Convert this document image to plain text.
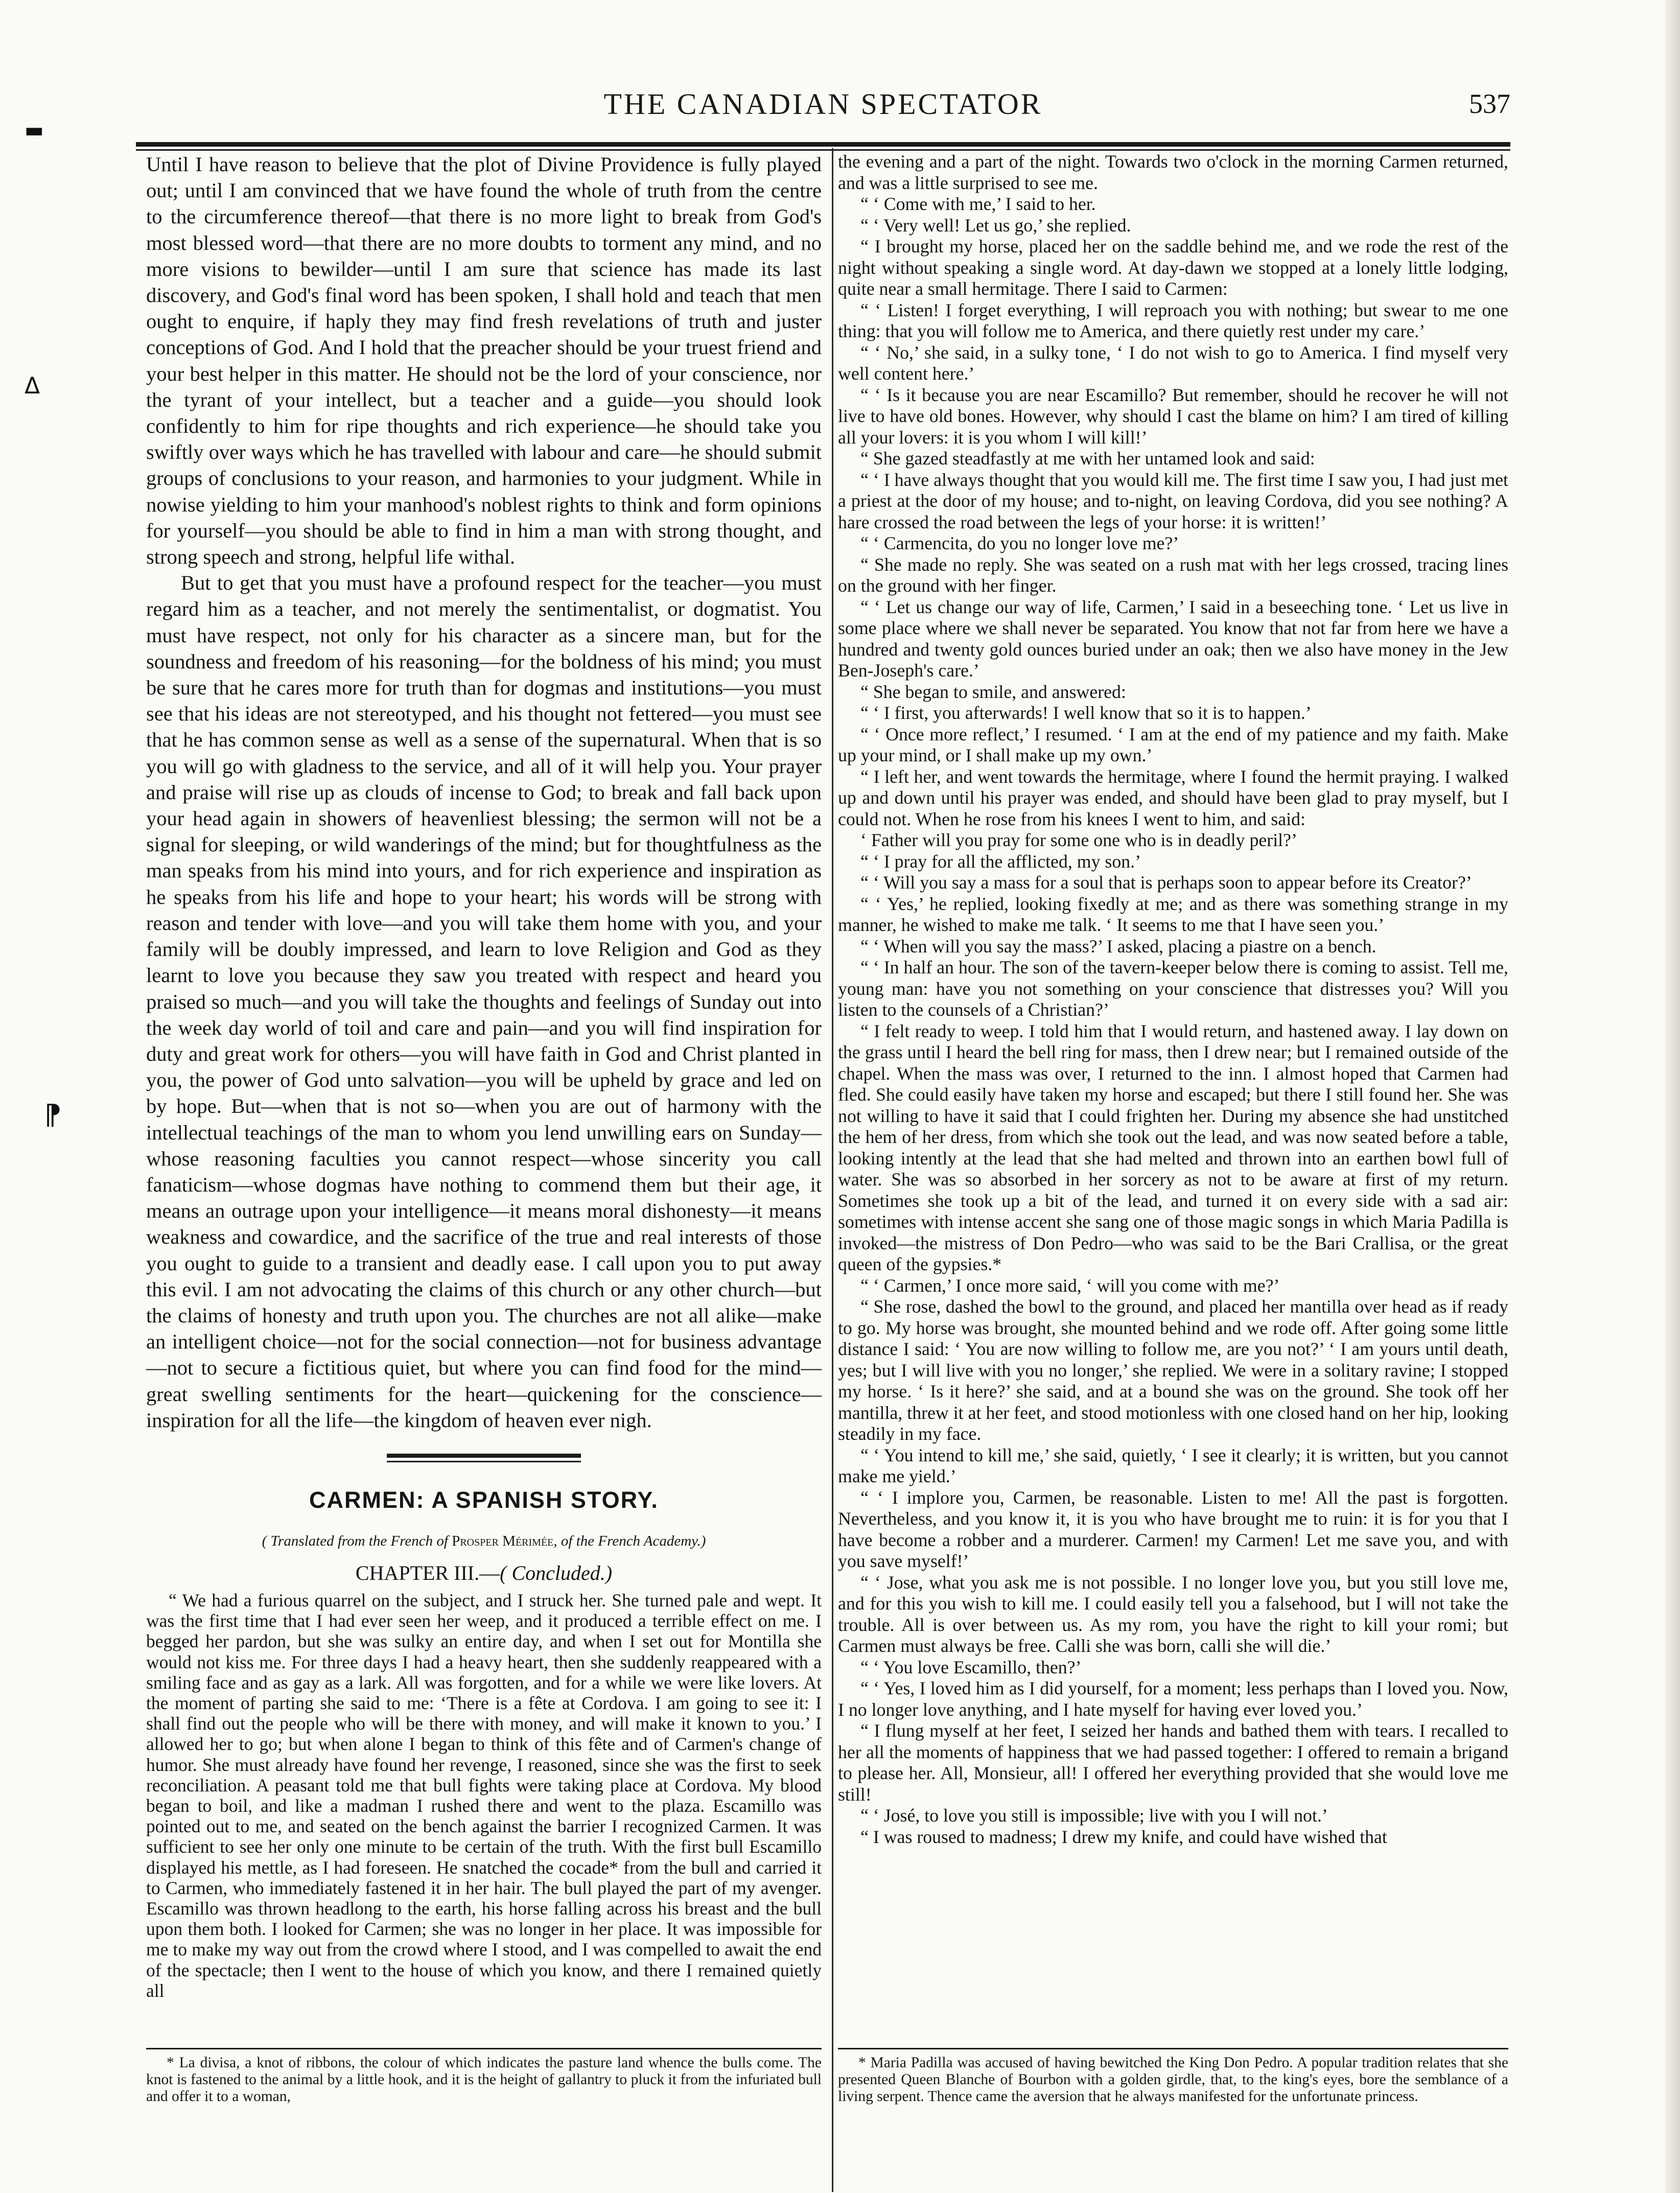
▬
ᐃ
⁋
THE CANADIAN SPECTATOR	537

Until I have reason to believe that the plot of Divine Providence is fully played out; until I am convinced that we have found the whole of truth from the centre to the circumference thereof—that there is no more light to break from God's most blessed word—that there are no more doubts to torment any mind, and no more visions to bewilder—until I am sure that science has made its last discovery, and God's final word has been spoken, I shall hold and teach that men ought to enquire, if haply they may find fresh revelations of truth and juster conceptions of God. And I hold that the preacher should be your truest friend and your best helper in this matter. He should not be the lord of your conscience, nor the tyrant of your intellect, but a teacher and a guide—you should look confidently to him for ripe thoughts and rich experience—he should take you swiftly over ways which he has travelled with labour and care—he should submit groups of conclusions to your reason, and harmonies to your judgment. While in nowise yielding to him your manhood's noblest rights to think and form opinions for yourself—you should be able to find in him a man with strong thought, and strong speech and strong, helpful life withal.

But to get that you must have a profound respect for the teacher—you must regard him as a teacher, and not merely the sentimentalist, or dogmatist. You must have respect, not only for his character as a sincere man, but for the soundness and freedom of his reasoning—for the boldness of his mind; you must be sure that he cares more for truth than for dogmas and institutions—you must see that his ideas are not stereotyped, and his thought not fettered—you must see that he has common sense as well as a sense of the supernatural. When that is so you will go with gladness to the service, and all of it will help you. Your prayer and praise will rise up as clouds of incense to God; to break and fall back upon your head again in showers of heavenliest blessing; the sermon will not be a signal for sleeping, or wild wanderings of the mind; but for thoughtfulness as the man speaks from his mind into yours, and for rich experience and inspiration as he speaks from his life and hope to your heart; his words will be strong with reason and tender with love—and you will take them home with you, and your family will be doubly impressed, and learn to love Religion and God as they learnt to love you because they saw you treated with respect and heard you praised so much—and you will take the thoughts and feelings of Sunday out into the week day world of toil and care and pain—and you will find inspiration for duty and great work for others—you will have faith in God and Christ planted in you, the power of God unto salvation—you will be upheld by grace and led on by hope. But—when that is not so—when you are out of harmony with the intellectual teachings of the man to whom you lend unwilling ears on Sunday—whose reasoning faculties you cannot respect—whose sincerity you call fanaticism—whose dogmas have nothing to commend them but their age, it means an outrage upon your intelligence—it means moral dishonesty—it means weakness and cowardice, and the sacrifice of the true and real interests of those you ought to guide to a transient and deadly ease. I call upon you to put away this evil. I am not advocating the claims of this church or any other church—but the claims of honesty and truth upon you. The churches are not all alike—make an intelligent choice—not for the social connection—not for business advantage—not to secure a fictitious quiet, but where you can find food for the mind—great swelling sentiments for the heart—quickening for the conscience—inspiration for all the life—the kingdom of heaven ever nigh.

CARMEN: A SPANISH STORY.
( Translated from the French of Prosper Mérimée, of the French Academy.)
CHAPTER III.—( Concluded.)

“ We had a furious quarrel on the subject, and I struck her. She turned pale and wept. It was the first time that I had ever seen her weep, and it produced a terrible effect on me. I begged her pardon, but she was sulky an entire day, and when I set out for Montilla she would not kiss me. For three days I had a heavy heart, then she suddenly reappeared with a smiling face and as gay as a lark. All was forgotten, and for a while we were like lovers. At the moment of parting she said to me: ‘There is a fête at Cordova. I am going to see it: I shall find out the people who will be there with money, and will make it known to you.’ I allowed her to go; but when alone I began to think of this fête and of Carmen's change of humor. She must already have found her revenge, I reasoned, since she was the first to seek reconciliation. A peasant told me that bull fights were taking place at Cordova. My blood began to boil, and like a madman I rushed there and went to the plaza. Escamillo was pointed out to me, and seated on the bench against the barrier I recognized Carmen. It was sufficient to see her only one minute to be certain of the truth. With the first bull Escamillo displayed his mettle, as I had foreseen. He snatched the cocade* from the bull and carried it to Carmen, who immediately fastened it in her hair. The bull played the part of my avenger. Escamillo was thrown headlong to the earth, his horse falling across his breast and the bull upon them both. I looked for Carmen; she was no longer in her place. It was impossible for me to make my way out from the crowd where I stood, and I was compelled to await the end of the spectacle; then I went to the house of which you know, and there I remained quietly all

the evening and a part of the night. Towards two o'clock in the morning Carmen returned, and was a little surprised to see me.

“ ‘ Come with me,’ I said to her.

“ ‘ Very well! Let us go,’ she replied.

“ I brought my horse, placed her on the saddle behind me, and we rode the rest of the night without speaking a single word. At day-dawn we stopped at a lonely little lodging, quite near a small hermitage. There I said to Carmen:

“ ‘ Listen! I forget everything, I will reproach you with nothing; but swear to me one thing: that you will follow me to America, and there quietly rest under my care.’

“ ‘ No,’ she said, in a sulky tone, ‘ I do not wish to go to America. I find myself very well content here.’

“ ‘ Is it because you are near Escamillo? But remember, should he recover he will not live to have old bones. However, why should I cast the blame on him? I am tired of killing all your lovers: it is you whom I will kill!’

“ She gazed steadfastly at me with her untamed look and said:

“ ‘ I have always thought that you would kill me. The first time I saw you, I had just met a priest at the door of my house; and to-night, on leaving Cordova, did you see nothing? A hare crossed the road between the legs of your horse: it is written!’

“ ‘ Carmencita, do you no longer love me?’

“ She made no reply. She was seated on a rush mat with her legs crossed, tracing lines on the ground with her finger.

“ ‘ Let us change our way of life, Carmen,’ I said in a beseeching tone. ‘ Let us live in some place where we shall never be separated. You know that not far from here we have a hundred and twenty gold ounces buried under an oak; then we also have money in the Jew Ben-Joseph's care.’

“ She began to smile, and answered:

“ ‘ I first, you afterwards! I well know that so it is to happen.’

“ ‘ Once more reflect,’ I resumed. ‘ I am at the end of my patience and my faith. Make up your mind, or I shall make up my own.’

“ I left her, and went towards the hermitage, where I found the hermit praying. I walked up and down until his prayer was ended, and should have been glad to pray myself, but I could not. When he rose from his knees I went to him, and said:

‘ Father will you pray for some one who is in deadly peril?’

“ ‘ I pray for all the afflicted, my son.’

“ ‘ Will you say a mass for a soul that is perhaps soon to appear before its Creator?’

“ ‘ Yes,’ he replied, looking fixedly at me; and as there was something strange in my manner, he wished to make me talk. ‘ It seems to me that I have seen you.’

“ ‘ When will you say the mass?’ I asked, placing a piastre on a bench.

“ ‘ In half an hour. The son of the tavern-keeper below there is coming to assist. Tell me, young man: have you not something on your conscience that distresses you? Will you listen to the counsels of a Christian?’

“ I felt ready to weep. I told him that I would return, and hastened away. I lay down on the grass until I heard the bell ring for mass, then I drew near; but I remained outside of the chapel. When the mass was over, I returned to the inn. I almost hoped that Carmen had fled. She could easily have taken my horse and escaped; but there I still found her. She was not willing to have it said that I could frighten her. During my absence she had unstitched the hem of her dress, from which she took out the lead, and was now seated before a table, looking intently at the lead that she had melted and thrown into an earthen bowl full of water. She was so absorbed in her sorcery as not to be aware at first of my return. Sometimes she took up a bit of the lead, and turned it on every side with a sad air: sometimes with intense accent she sang one of those magic songs in which Maria Padilla is invoked—the mistress of Don Pedro—who was said to be the Bari Crallisa, or the great queen of the gypsies.*

“ ‘ Carmen,’ I once more said, ‘ will you come with me?’

“ She rose, dashed the bowl to the ground, and placed her mantilla over head as if ready to go. My horse was brought, she mounted behind and we rode off. After going some little distance I said: ‘ You are now willing to follow me, are you not?’ ‘ I am yours until death, yes; but I will live with you no longer,’ she replied. We were in a solitary ravine; I stopped my horse. ‘ Is it here?’ she said, and at a bound she was on the ground. She took off her mantilla, threw it at her feet, and stood motionless with one closed hand on her hip, looking steadily in my face.

“ ‘ You intend to kill me,’ she said, quietly, ‘ I see it clearly; it is written, but you cannot make me yield.’

“ ‘ I implore you, Carmen, be reasonable. Listen to me! All the past is forgotten. Nevertheless, and you know it, it is you who have brought me to ruin: it is for you that I have become a robber and a murderer. Carmen! my Carmen! Let me save you, and with you save myself!’

“ ‘ Jose, what you ask me is not possible. I no longer love you, but you still love me, and for this you wish to kill me. I could easily tell you a falsehood, but I will not take the trouble. All is over between us. As my rom, you have the right to kill your romi; but Carmen must always be free. Calli she was born, calli she will die.’

“ ‘ You love Escamillo, then?’

“ ‘ Yes, I loved him as I did yourself, for a moment; less perhaps than I loved you. Now, I no longer love anything, and I hate myself for having ever loved you.’

“ I flung myself at her feet, I seized her hands and bathed them with tears. I recalled to her all the moments of happiness that we had passed together: I offered to remain a brigand to please her. All, Monsieur, all! I offered her everything provided that she would love me still!

“ ‘ José, to love you still is impossible; live with you I will not.’

“ I was roused to madness; I drew my knife, and could have wished that

* La divisa, a knot of ribbons, the colour of which indicates the pasture land whence the bulls come. The knot is fastened to the animal by a little hook, and it is the height of gallantry to pluck it from the infuriated bull and offer it to a woman,
* Maria Padilla was accused of having bewitched the King Don Pedro. A popular tradition relates that she presented Queen Blanche of Bourbon with a golden girdle, that, to the king's eyes, bore the semblance of a living serpent. Thence came the aversion that he always manifested for the unfortunate princess.
